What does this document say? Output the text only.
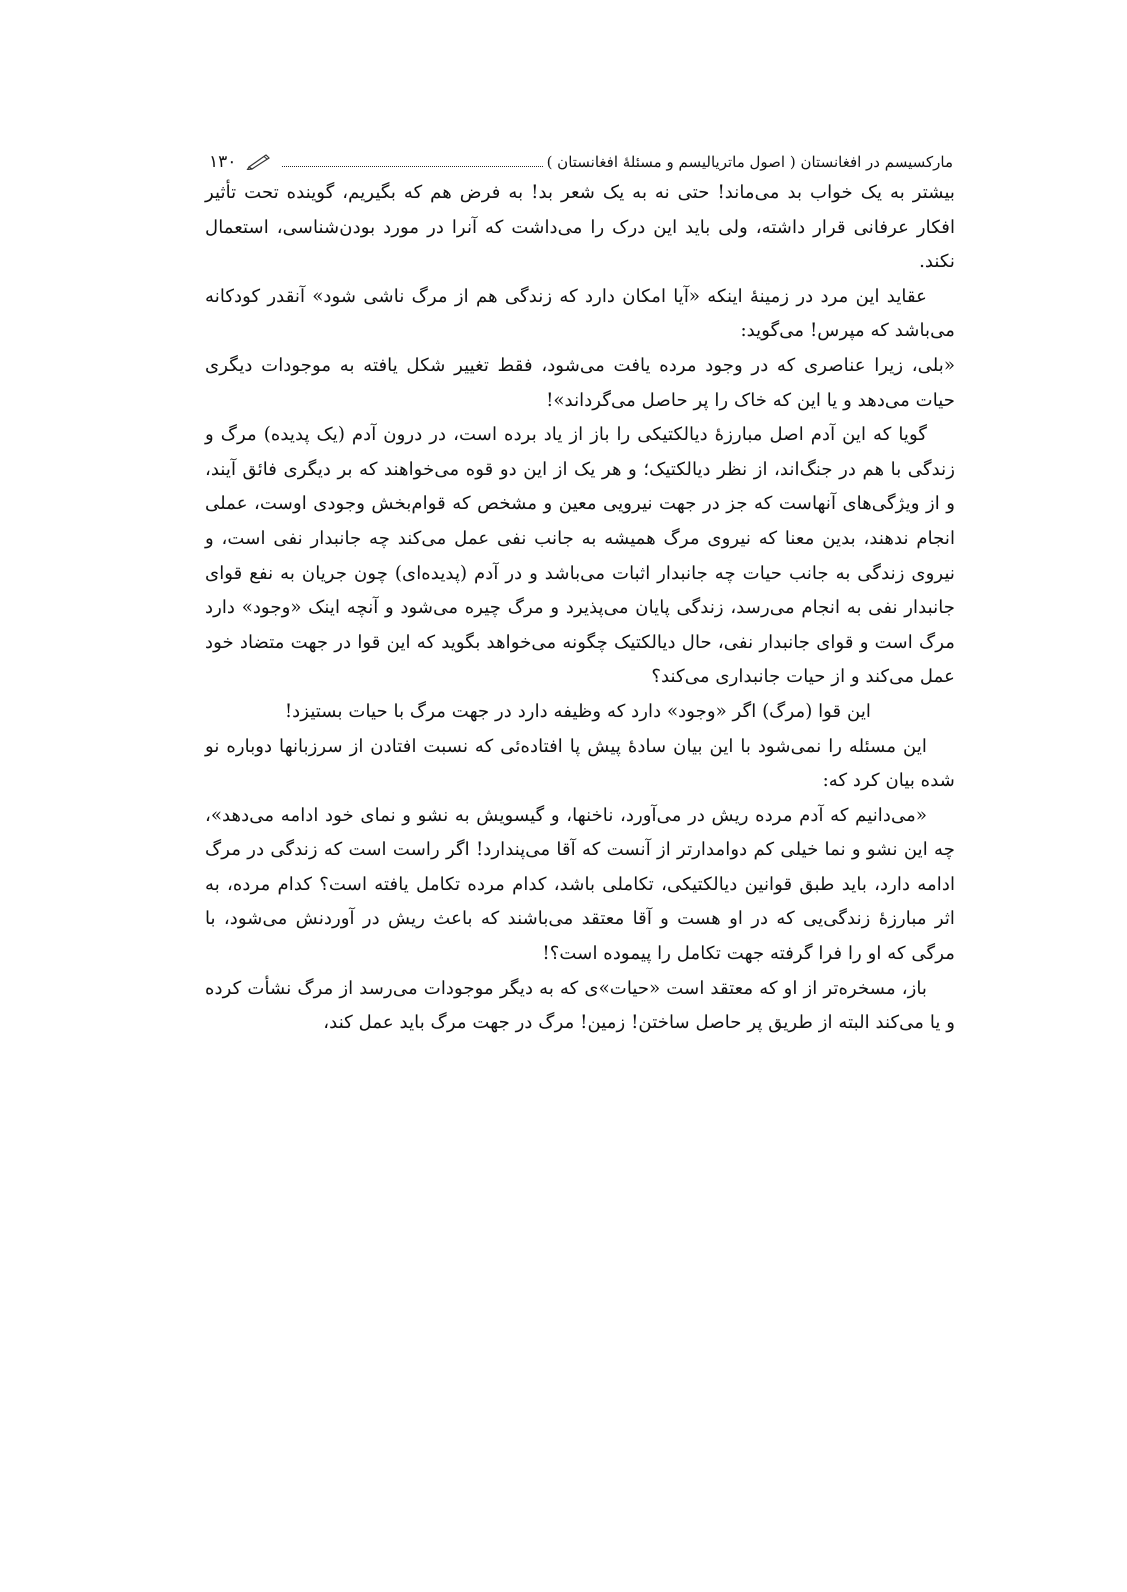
مارکسیسم در افغانستان ( اصول ماتریالیسم و مسئلهٔ افغانستان )
۱۳۰

بیشتر به یک خواب بد می‌ماند! حتی نه به یک شعر بد! به فرض هم که بگیریم، گوینده تحت تأثیر افکار عرفانی قرار داشته، ولی باید این درک را می‌داشت که آنرا در مورد بودن‌شناسی، استعمال نکند.

عقاید این مرد در زمینهٔ اینکه «آیا امکان دارد که زندگی هم از مرگ ناشی شود» آنقدر کودکانه می‌باشد که مپرس! می‌گوید:

«بلی، زیرا عناصری که در وجود مرده یافت می‌شود، فقط تغییر شکل یافته به موجودات دیگری حیات می‌دهد و یا این که خاک را پر حاصل می‌گرداند»!

گویا که این آدم اصل مبارزهٔ دیالکتیکی را باز از یاد برده است، در درون آدم (یک پدیده) مرگ و زندگی با هم در جنگ‌اند، از نظر دیالکتیک؛ و هر یک از این دو قوه می‌خواهند که بر دیگری فائق آیند، و از ویژگی‌های آنهاست که جز در جهت نیرویی معین و مشخص که قوام‌بخش وجودی اوست، عملی انجام ندهند، بدین معنا که نیروی مرگ همیشه به جانب نفی عمل می‌کند چه جانبدار نفی است، و نیروی زندگی به جانب حیات چه جانبدار اثبات می‌باشد و در آدم (پدیده‌ای) چون جریان به نفع قوای جانبدار نفی به انجام می‌رسد، زندگی پایان می‌پذیرد و مرگ چیره می‌شود و آنچه اینک «وجود» دارد مرگ است و قوای جانبدار نفی، حال دیالکتیک چگونه می‌خواهد بگوید که این قوا در جهت متضاد خود عمل می‌کند و از حیات جانبداری می‌کند؟

این قوا (مرگ) اگر «وجود» دارد که وظیفه دارد در جهت مرگ با حیات بستیزد!

این مسئله را نمی‌شود با این بیان سادهٔ پیش پا افتاده‌ئی که نسبت افتادن از سرزبانها دوباره نو شده بیان کرد که:

«می‌دانیم که آدم مرده ریش در می‌آورد، ناخنها، و گیسویش به نشو و نمای خود ادامه می‌دهد»، چه این نشو و نما خیلی کم دوامدارتر از آنست که آقا می‌پندارد! اگر راست است که زندگی در مرگ ادامه دارد، باید طبق قوانین دیالکتیکی، تکاملی باشد، کدام مرده تکامل یافته است؟ کدام مرده، به اثر مبارزهٔ زندگی‌یی که در او هست و آقا معتقد می‌باشند که باعث ریش در آوردنش می‌شود، با مرگی که او را فرا گرفته جهت تکامل را پیموده است؟!

باز، مسخره‌تر از او که معتقد است «حیات»ی که به دیگر موجودات می‌رسد از مرگ نشأت کرده و یا می‌کند البته از طریق پر حاصل ساختن! زمین! مرگ در جهت مرگ باید عمل کند،
